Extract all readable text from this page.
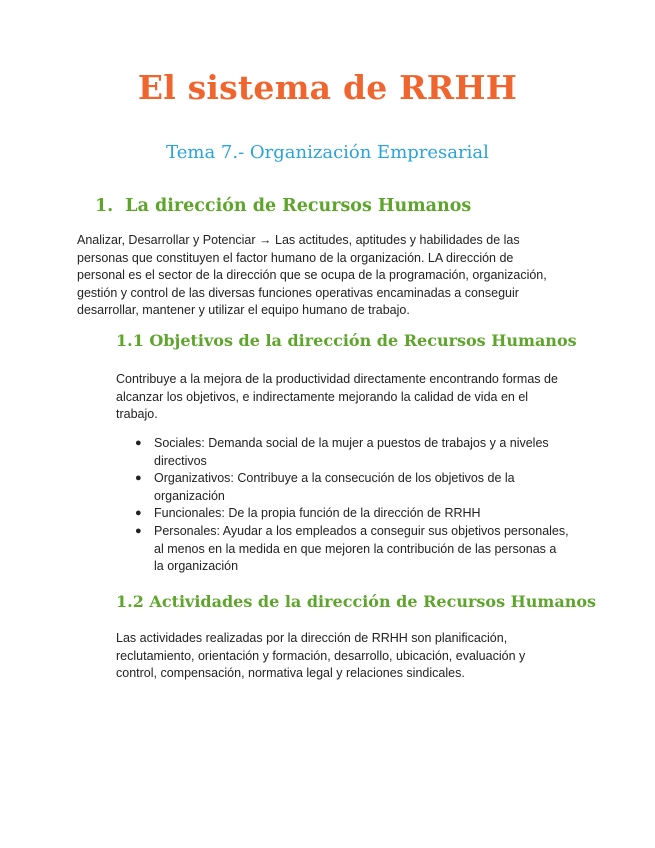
El sistema de RRHH
Tema 7.- Organización Empresarial
1. La dirección de Recursos Humanos

Analizar, Desarrollar y Potenciar → Las actitudes, aptitudes y habilidades de las
personas que constituyen el factor humano de la organización. LA dirección de
personal es el sector de la dirección que se ocupa de la programación, organización,
gestión y control de las diversas funciones operativas encaminadas a conseguir
desarrollar, mantener y utilizar el equipo humano de trabajo.

1.1 Objetivos de la dirección de Recursos Humanos

Contribuye a la mejora de la productividad directamente encontrando formas de
alcanzar los objetivos, e indirectamente mejorando la calidad de vida en el
trabajo.

● Sociales: Demanda social de la mujer a puestos de trabajos y a niveles
directivos
● Organizativos: Contribuye a la consecución de los objetivos de la
organización
● Funcionales: De la propia función de la dirección de RRHH
● Personales: Ayudar a los empleados a conseguir sus objetivos personales,
al menos en la medida en que mejoren la contribución de las personas a
la organización
1.2 Actividades de la dirección de Recursos Humanos

Las actividades realizadas por la dirección de RRHH son planificación,
reclutamiento, orientación y formación, desarrollo, ubicación, evaluación y
control, compensación, normativa legal y relaciones sindicales.
